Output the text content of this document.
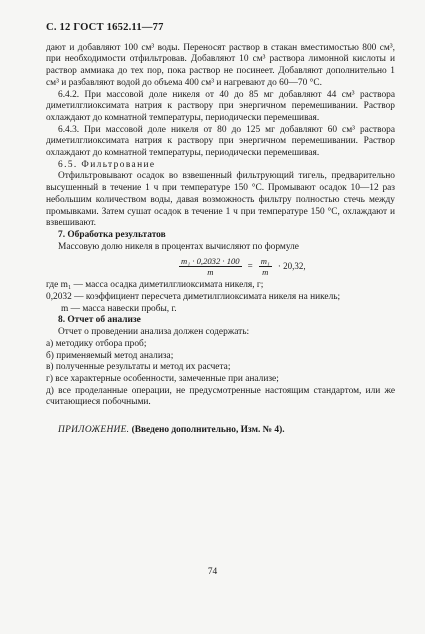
С. 12 ГОСТ 1652.11—77

дают и добавляют 100 см³ воды. Переносят раствор в стакан вместимостью 800 см³, при необходимости отфильтровав. Добавляют 10 см³ раствора лимонной кислоты и раствор аммиака до тех пор, пока раствор не посинеет. Добавляют дополнительно 1 см³ и разбавляют водой до объема 400 см³ и нагревают до 60—70 °C.

6.4.2. При массовой доле никеля от 40 до 85 мг добавляют 44 см³ раствора диметилглиоксимата натрия к раствору при энергичном перемешивании. Раствор охлаждают до комнатной температуры, периодически перемешивая.

6.4.3. При массовой доле никеля от 80 до 125 мг добавляют 60 см³ раствора диметилглиоксимата натрия к раствору при энергичном перемешивании. Раствор охлаждают до комнатной температуры, периодически перемешивая.

6.5. Фильтрование

Отфильтровывают осадок во взвешенный фильтрующий тигель, предварительно высушенный в течение 1 ч при температуре 150 °C. Промывают осадок 10—12 раз небольшим количеством воды, давая возможность фильтру полностью стечь между промывками. Затем сушат осадок в течение 1 ч при температуре 150 °C, охлаждают и взвешивают.

7. Обработка результатов

Массовую долю никеля в процентах вычисляют по формуле

$\frac{\text{m₁ · 0,2032 · 100}}{m} = \frac{\text{m₁}}{m} \cdot 20,32$,

где m₁ — масса осадка диметилглиоксимата никеля, г;

0,2032 — коэффициент пересчета диметилглиоксимата никеля на никель;

m — масса навески пробы, г.

8. Отчет об анализе

Отчет о проведении анализа должен содержать:

а) методику отбора проб;

б) применяемый метод анализа;

в) полученные результаты и метод их расчета;

г) все характерные особенности, замеченные при анализе;

д) все проделанные операции, не предусмотренные настоящим стандартом, или же считающиеся побочными.

ПРИЛОЖЕНИЕ. (Введено дополнительно, Изм. № 4).

74
